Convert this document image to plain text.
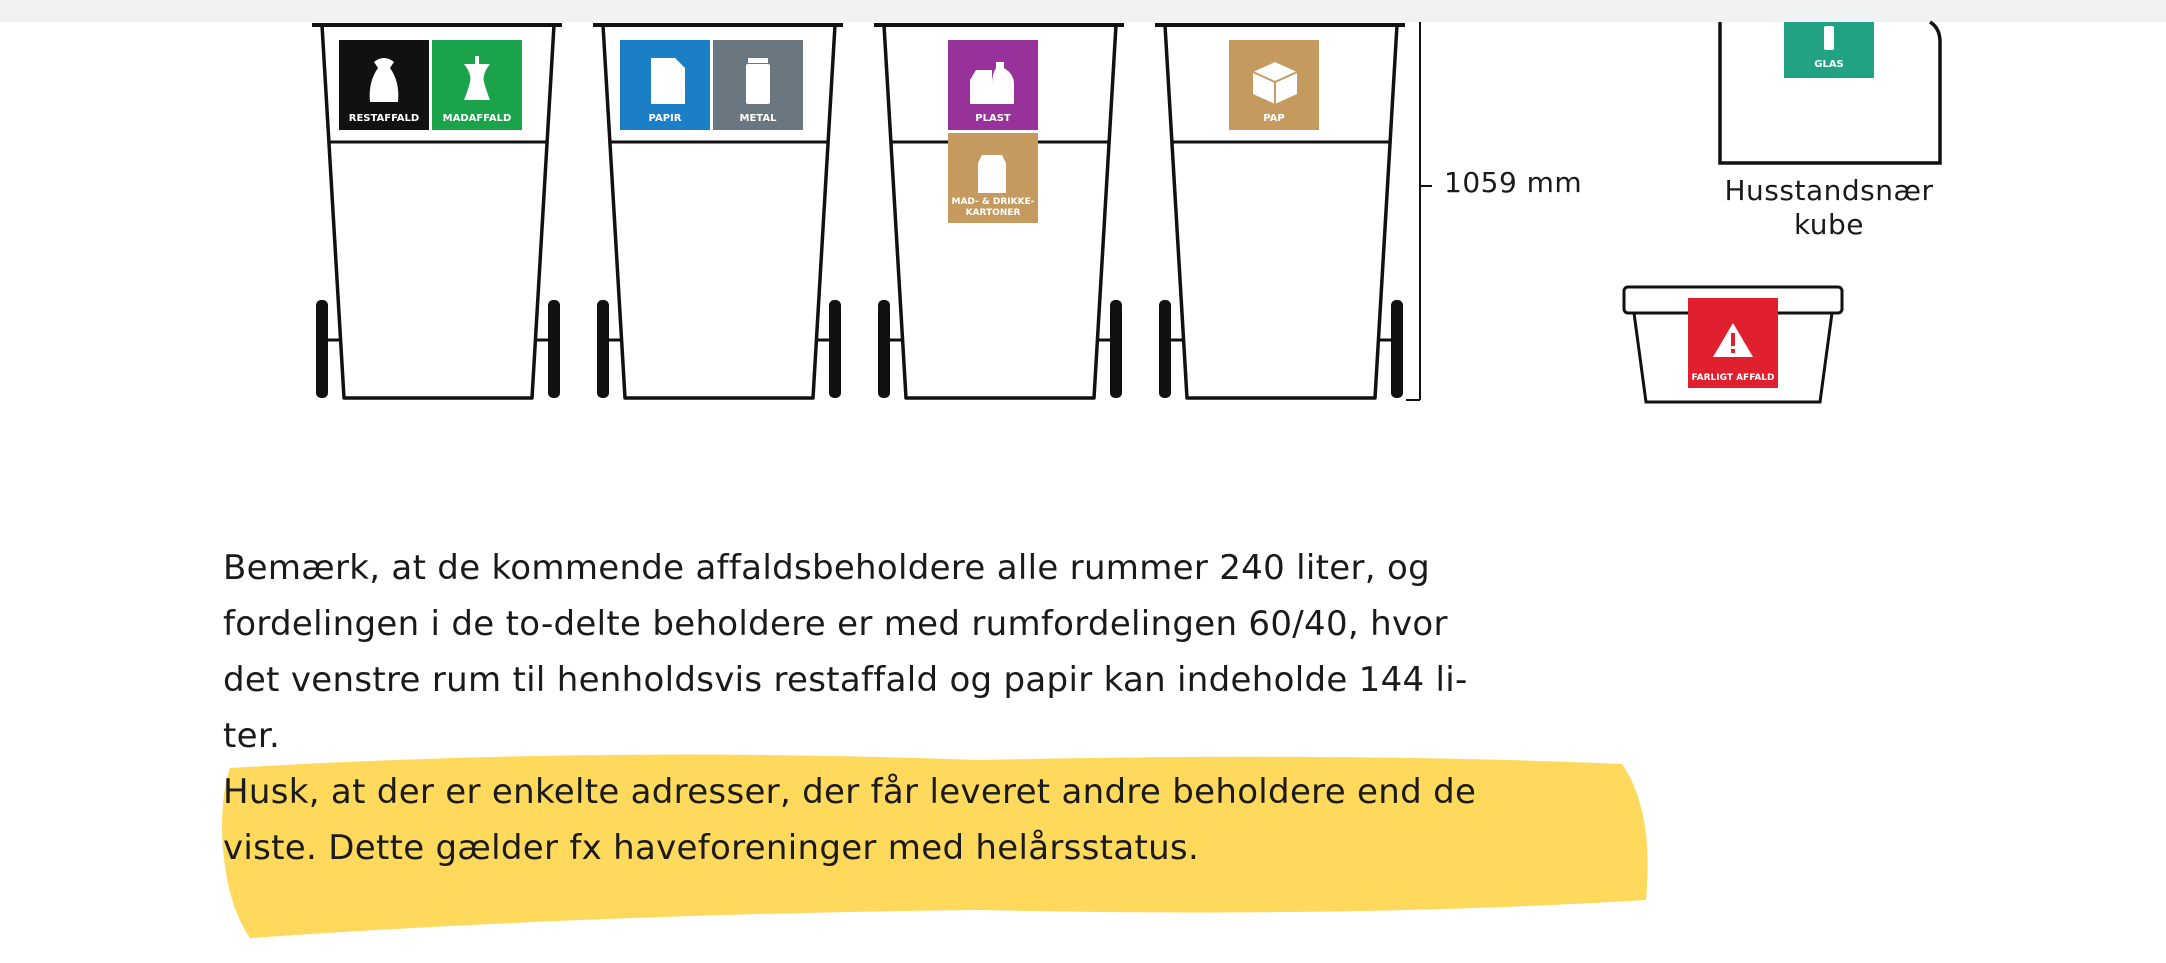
RESTAFFALD MADAFFALD	PAPIR	METAL	PLAST
MAD- & DRIKKE-
KARTONER
PAP
GLAS
FARLIGT AFFALD
1059 mm	Husstandsnær
kube

Bemærk, at de kommende affaldsbeholdere alle rummer 240 liter, og

fordelingen i de to-delte beholdere er med rumfordelingen 60/40, hvor

det venstre rum til henholdsvis restaffald og papir kan indeholde 144 li-

ter.

Husk, at der er enkelte adresser, der får leveret andre beholdere end de

viste. Dette gælder fx haveforeninger med helårsstatus.
